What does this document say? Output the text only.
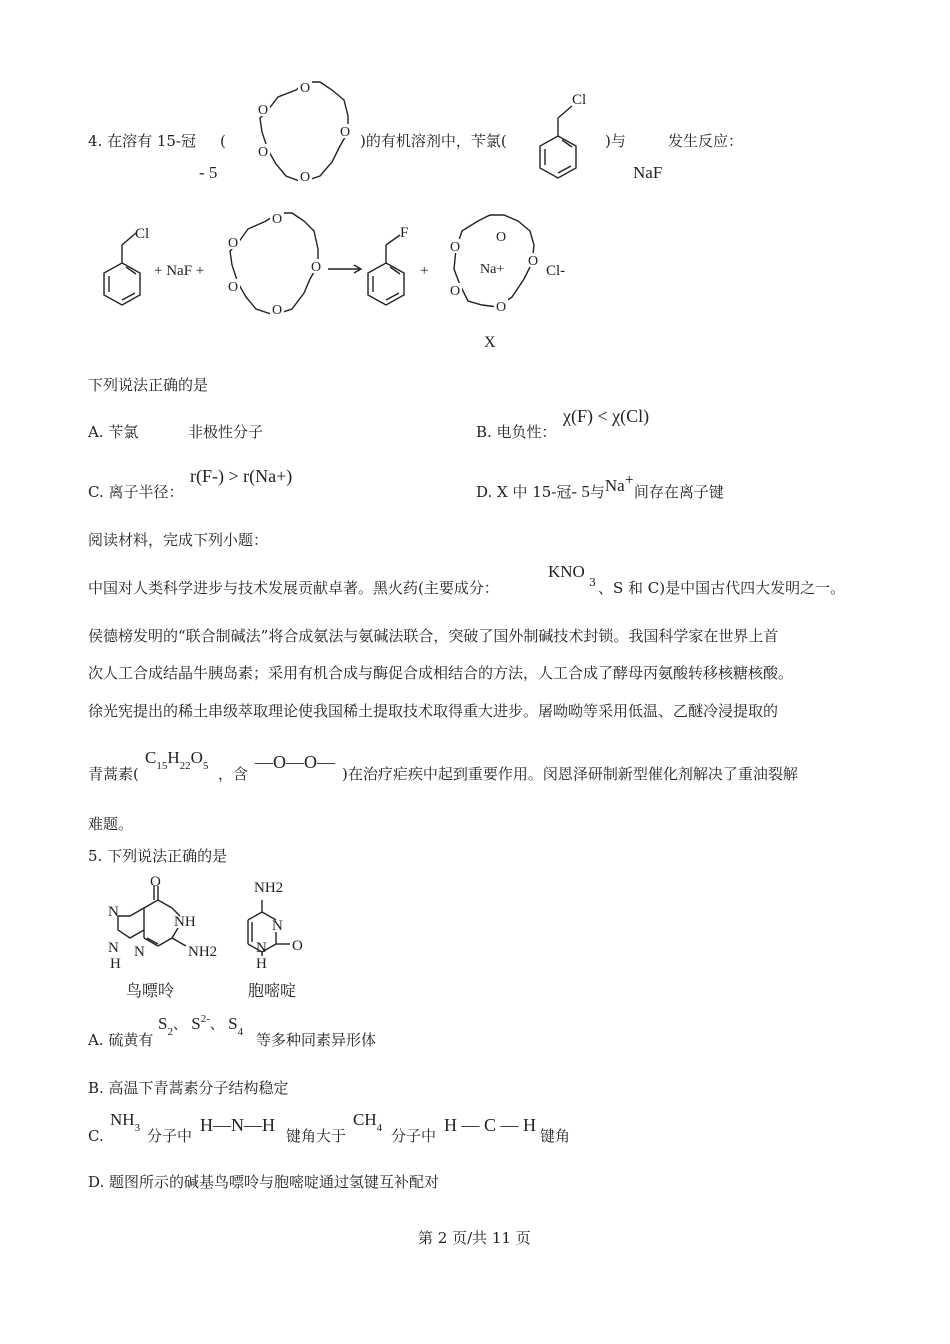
4. 在溶有 15-冠 (
- 5
O
O
O
O
O
)的有机溶剂中，苄氯(
Cl
)与
NaF
发生反应：
Cl
+ NaF +
O
O
O
O
O
F
+
O
O
O
O
O
Na+	Cl-
X
下列说法正确的是
A. 苄氯	非极性分子	B. 电负性：
χ(F) < χ(Cl)
C. 离子半径：
r(F-) > r(Na+)
D. X 中 15-冠- 5与Na+间存在离子键
阅读材料，完成下列小题：
中国对人类科学进步与技术发展贡献卓著。黑火药(主要成分：
KNO
3 、S 和 C)是中国古代四大发明之一。
侯德榜发明的“联合制碱法”将合成氨法与氨碱法联合，突破了国外制碱技术封锁。我国科学家在世界上首
次人工合成结晶牛胰岛素；采用有机合成与酶促合成相结合的方法，人工合成了酵母丙氨酸转移核糖核酸。
徐光宪提出的稀土串级萃取理论使我国稀土提取技术取得重大进步。屠呦呦等采用低温、乙醚冷浸提取的
青蒿素(
$C_{15}H_{22}O_5$ ，含
—O—O—
)在治疗疟疾中起到重要作用。闵恩泽研制新型催化剂解决了重油裂解
难题。
5. 下列说法正确的是
O
N
NH
N
N
H
NH2
NH2
N
O
N
H
鸟嘌呤	胞嘧啶
A. 硫黄有
$S_2$、 $S^{2-}$、 $S_4$ 等多种同素异形体
B. 高温下青蒿素分子结构稳定
C.
$NH_3$ 分子中
H—N—H
键角大于
$CH_4$ 分子中
H — C — H
键角
D. 题图所示的碱基鸟嘌呤与胞嘧啶通过氢键互补配对
第 2 页/共 11 页
